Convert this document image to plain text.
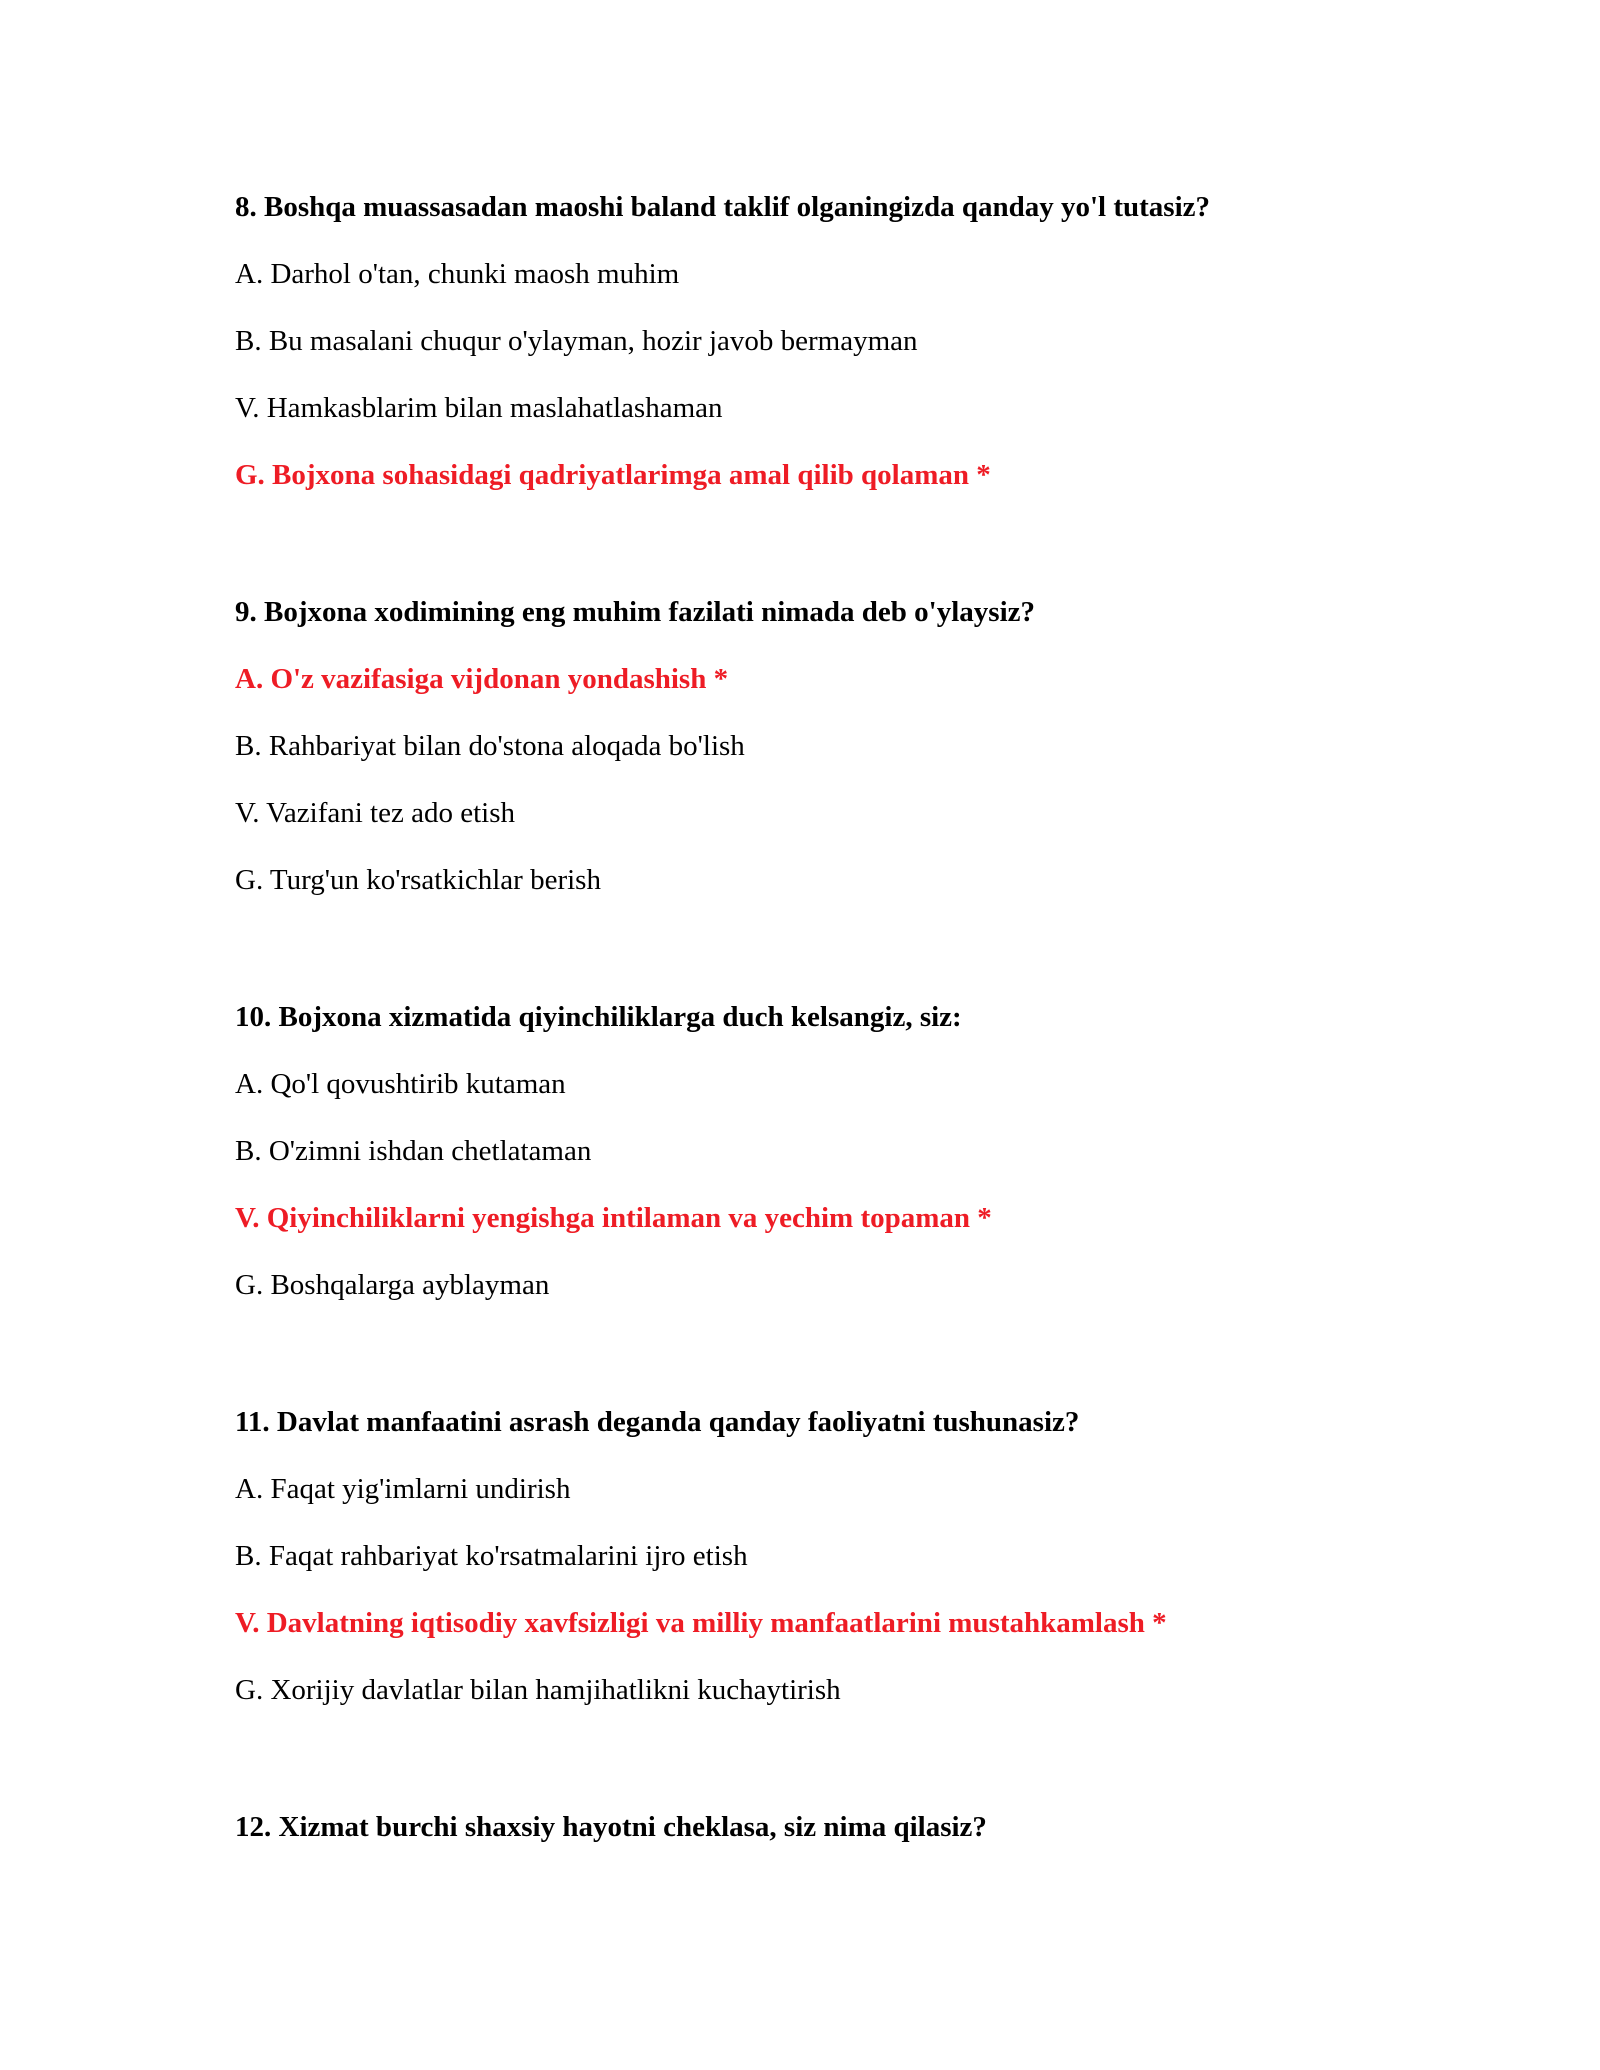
8. Boshqa muassasadan maoshi baland taklif olganingizda qanday yo'l tutasiz?
A. Darhol o'tan, chunki maosh muhim
B. Bu masalani chuqur o'ylayman, hozir javob bermayman
V. Hamkasblarim bilan maslahatlashaman
G. Bojxona sohasidagi qadriyatlarimga amal qilib qolaman *
9. Bojxona xodimining eng muhim fazilati nimada deb o'ylaysiz?
A. O'z vazifasiga vijdonan yondashish *
B. Rahbariyat bilan do'stona aloqada bo'lish
V. Vazifani tez ado etish
G. Turg'un ko'rsatkichlar berish
10. Bojxona xizmatida qiyinchiliklarga duch kelsangiz, siz:
A. Qo'l qovushtirib kutaman
B. O'zimni ishdan chetlataman
V. Qiyinchiliklarni yengishga intilaman va yechim topaman *
G. Boshqalarga ayblayman
11. Davlat manfaatini asrash deganda qanday faoliyatni tushunasiz?
A. Faqat yig'imlarni undirish
B. Faqat rahbariyat ko'rsatmalarini ijro etish
V. Davlatning iqtisodiy xavfsizligi va milliy manfaatlarini mustahkamlash *
G. Xorijiy davlatlar bilan hamjihatlikni kuchaytirish
12. Xizmat burchi shaxsiy hayotni cheklasa, siz nima qilasiz?
